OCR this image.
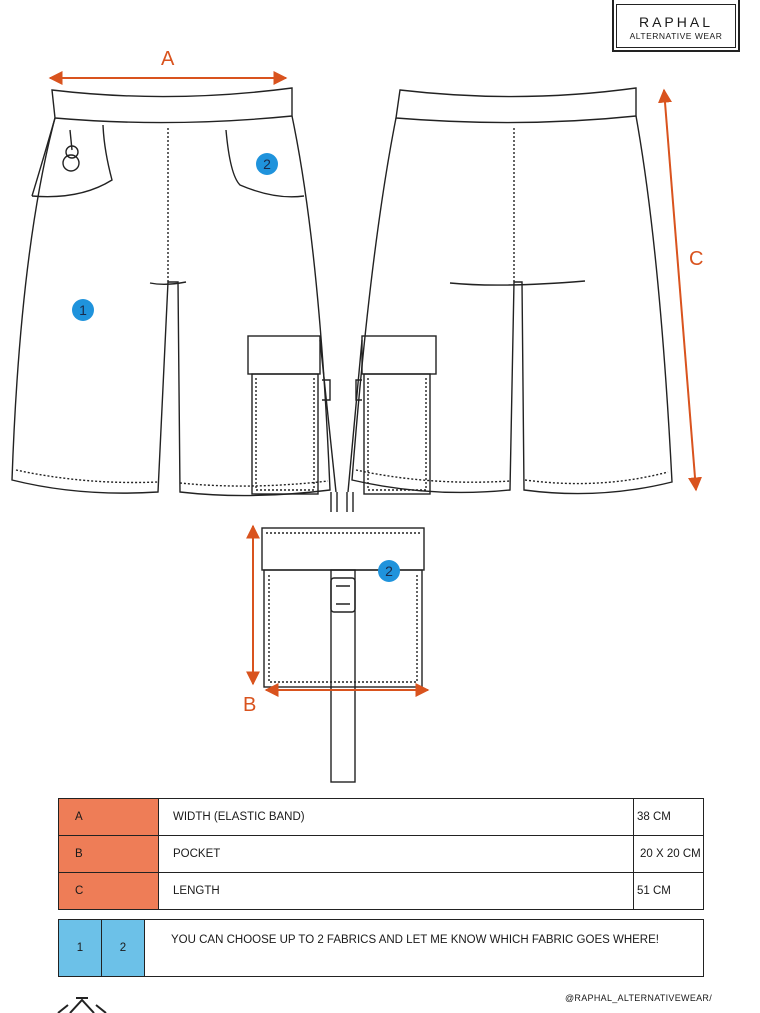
RAPHAL
ALTERNATIVE WEAR
A
C
B
2
1
2
A	WIDTH (ELASTIC BAND)	38 CM
B	POCKET	20 X 20 CM
C	LENGTH	51 CM
1	2
YOU CAN CHOOSE UP TO 2 FABRICS AND LET ME KNOW WHICH FABRIC GOES WHERE!
@RAPHAL_ALTERNATIVEWEAR/
